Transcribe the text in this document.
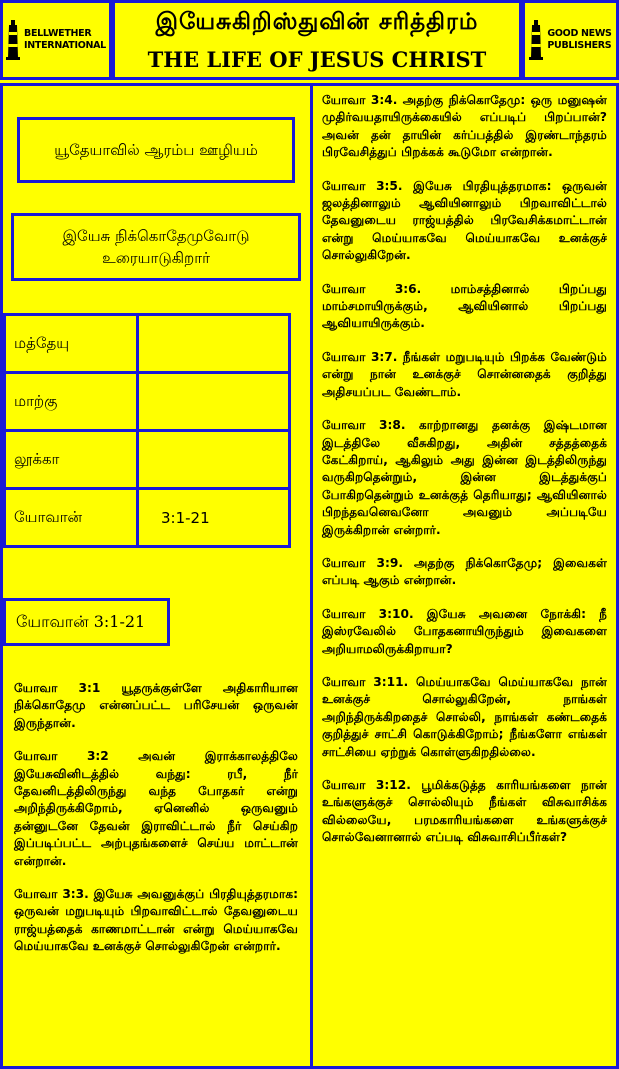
BELLWETHER
INTERNATIONAL
இயேசுகிறிஸ்துவின் சரித்திரம்
THE LIFE OF JESUS CHRIST
GOOD NEWS
PUBLISHERS
யூதேயாவில் ஆரம்ப ஊழியம்
இயேசு நிக்கொதேமுவோடு உரையாடுகிறார்
மத்தேயு	
மாற்கு	
லூக்கா	
யோவான்	3:1-21
யோவான் 3:1-21

யோவா 3:1 யூதருக்குள்ளே அதிகாரியான நிக்கொதேமு என்னப்பட்ட பரிசேயன் ஒருவன் இருந்தான்.

யோவா 3:2 அவன் இராக்காலத்திலே இயேசுவினிடத்தில் வந்து: ரபீ, நீர் தேவனிடத்திலிருந்து வந்த போதகர் என்று அறிந்திருக்கிறோம், ஏனெனில் ஒருவனும் தன்னுடனே தேவன் இராவிட்டால் நீர் செய்கிற இப்படிப்பட்ட அற்புதங்களைச் செய்ய மாட்டான் என்றான்.

யோவா 3:3. இயேசு அவனுக்குப் பிரதியுத்தரமாக: ஒருவன் மறுபடியும் பிறவாவிட்டால் தேவனுடைய ராஜ்யத்தைக் காணமாட்டான் என்று மெய்யாகவே மெய்யாகவே உனக்குச் சொல்லுகிறேன் என்றார்.

யோவா 3:4. அதற்கு நிக்கொதேமு: ஒரு மனுஷன் முதிர்வயதாயிருக்கையில் எப்படிப் பிறப்பான்? அவன் தன் தாயின் கர்ப்பத்தில் இரண்டாந்தரம் பிரவேசித்துப் பிறக்கக் கூடுமோ என்றான்.

யோவா 3:5. இயேசு பிரதியுத்தரமாக: ஒருவன் ஜலத்தினாலும் ஆவியினாலும் பிறவாவிட்டால் தேவனுடைய ராஜ்யத்தில் பிரவேசிக்கமாட்டான் என்று மெய்யாகவே மெய்யாகவே உனக்குச் சொல்லுகிறேன்.

யோவா 3:6. மாம்சத்தினால் பிறப்பது மாம்சமாயிருக்கும், ஆவியினால் பிறப்பது ஆவியாயிருக்கும்.

யோவா 3:7. நீங்கள் மறுபடியும் பிறக்க வேண்டும் என்று நான் உனக்குச் சொன்னதைக் குறித்து அதிசயப்பட வேண்டாம்.

யோவா 3:8. காற்றானது தனக்கு இஷ்டமான இடத்திலே வீசுகிறது, அதின் சத்தத்தைக் கேட்கிறாய், ஆகிலும் அது இன்ன இடத்திலிருந்து வருகிறதென்றும், இன்ன இடத்துக்குப் போகிறதென்றும் உனக்குத் தெரியாது; ஆவியினால் பிறந்தவனெவனோ அவனும் அப்படியே இருக்கிறான் என்றார்.

யோவா 3:9. அதற்கு நிக்கொதேமு; இவைகள் எப்படி ஆகும் என்றான்.

யோவா 3:10. இயேசு அவனை நோக்கி: நீ இஸ்ரவேலில் போதகனாயிருந்தும் இவைகளை அறியாமலிருக்கிறாயா?

யோவா 3:11. மெய்யாகவே மெய்யாகவே நான் உனக்குச் சொல்லுகிறேன், நாங்கள் அறிந்திருக்கிறதைச் சொல்லி, நாங்கள் கண்டதைக் குறித்துச் சாட்சி கொடுக்கிறோம்; நீங்களோ எங்கள் சாட்சியை ஏற்றுக் கொள்ளுகிறதில்லை.

யோவா 3:12. பூமிக்கடுத்த காரியங்களை நான் உங்களுக்குச் சொல்லியும் நீங்கள் விசுவாசிக்க வில்லையே, பரமகாரியங்களை உங்களுக்குச் சொல்வேனானால் எப்படி விசுவாசிப்பீர்கள்?
